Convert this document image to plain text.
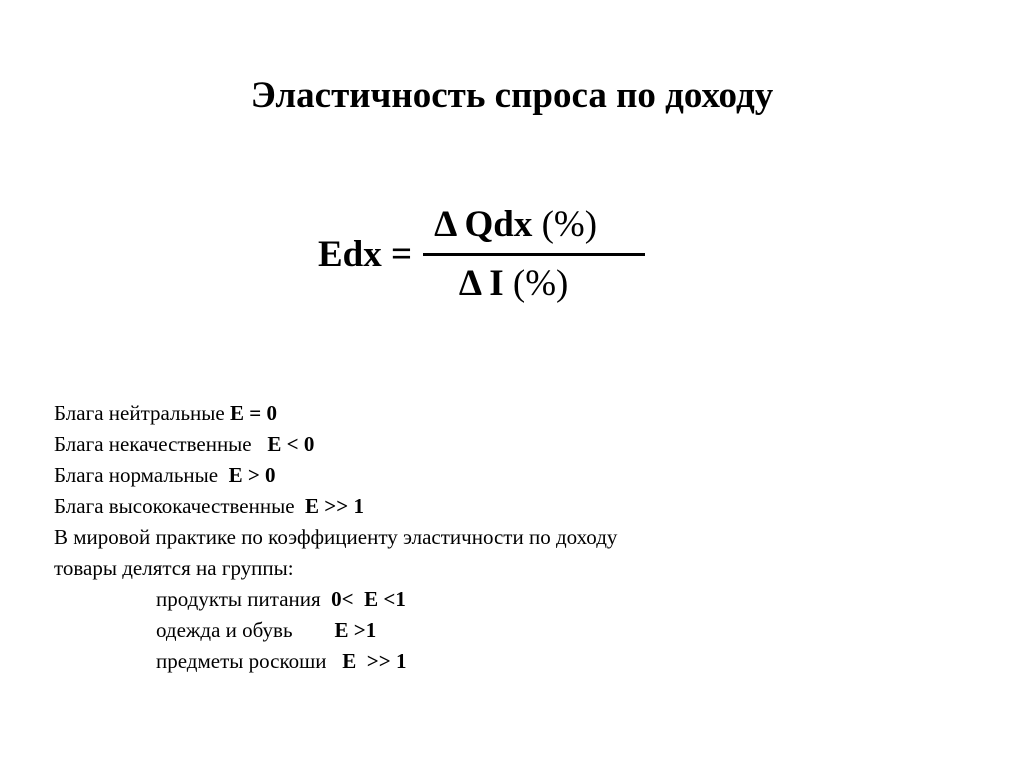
Эластичность спроса по доходу
Edx = $\frac{\text{Δ Qdx (\%)}}{\text{Δ I (\%)}}$
Блага нейтральные E = 0
Блага некачественные   E < 0
Блага нормальные  E > 0
Блага высококачественные  E >> 1
В мировой практике по коэффициенту эластичности по доходу
товары делятся на группы:
продукты питания  0<  E <1
одежда и обувь        E >1
предметы роскоши   E  >> 1
